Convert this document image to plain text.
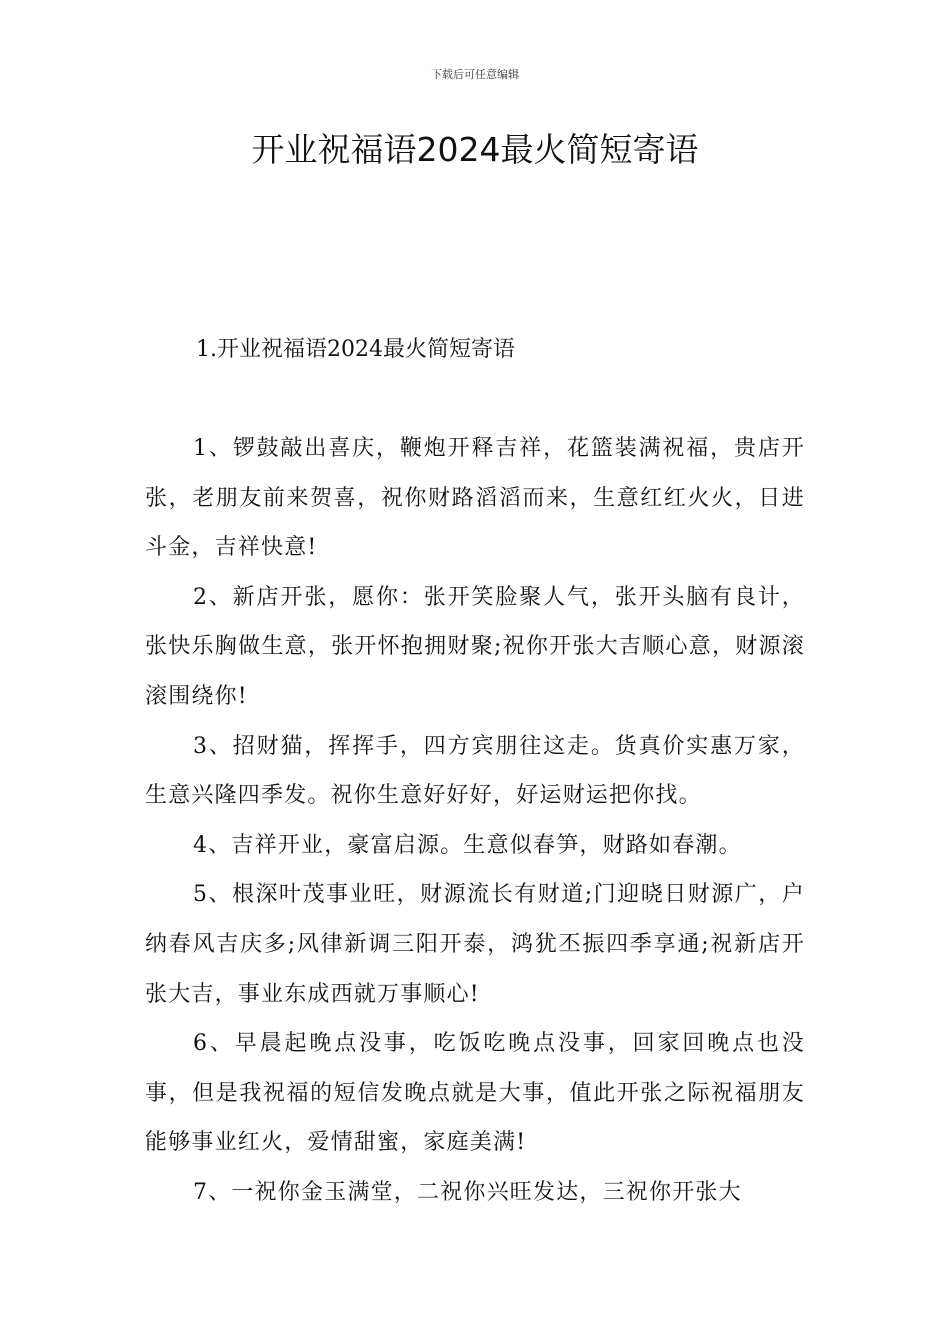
下载后可任意编辑
开业祝福语2024最火简短寄语
1.开业祝福语2024最火简短寄语

1、锣鼓敲出喜庆，鞭炮开释吉祥，花篮装满祝福，贵店开张，老朋友前来贺喜，祝你财路滔滔而来，生意红红火火，日进斗金，吉祥快意!

2、新店开张，愿你：张开笑脸聚人气，张开头脑有良计，张快乐胸做生意，张开怀抱拥财聚;祝你开张大吉顺心意，财源滚滚围绕你!

3、招财猫，挥挥手，四方宾朋往这走。货真价实惠万家，生意兴隆四季发。祝你生意好好好，好运财运把你找。

4、吉祥开业，豪富启源。生意似春笋，财路如春潮。

5、根深叶茂事业旺，财源流长有财道;门迎晓日财源广，户纳春风吉庆多;风律新调三阳开泰，鸿犹丕振四季享通;祝新店开张大吉，事业东成西就万事顺心!

6、早晨起晚点没事，吃饭吃晚点没事，回家回晚点也没事，但是我祝福的短信发晚点就是大事，值此开张之际祝福朋友能够事业红火，爱情甜蜜，家庭美满!

7、一祝你金玉满堂，二祝你兴旺发达，三祝你开张大
